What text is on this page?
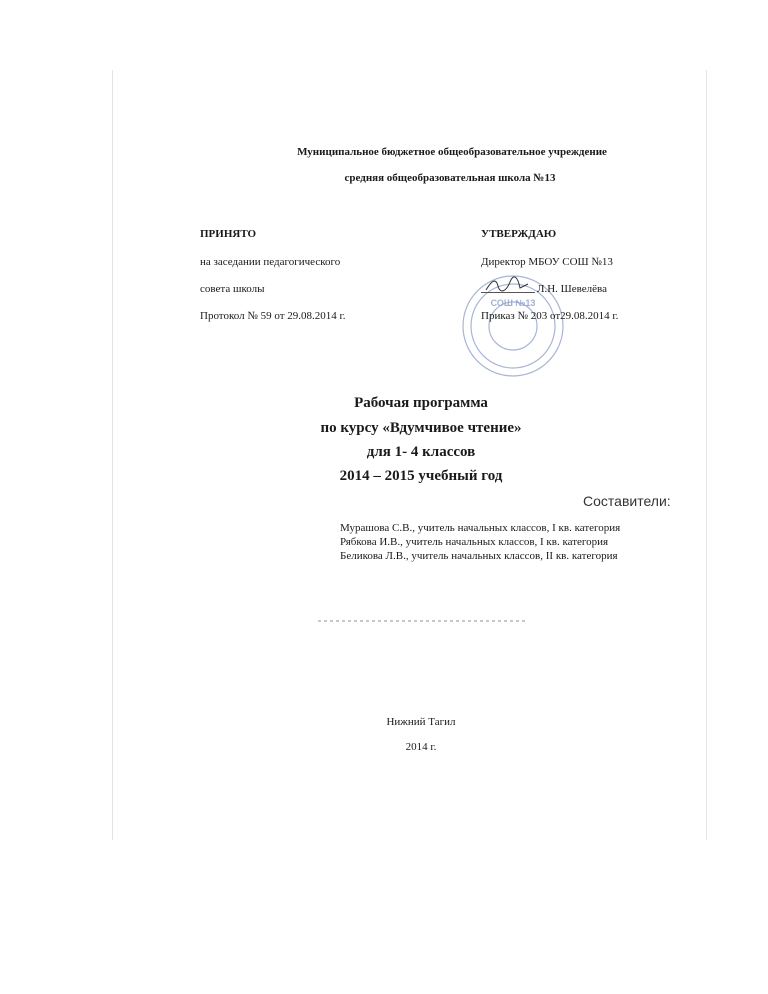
Муниципальное бюджетное общеобразовательное учреждение
средняя общеобразовательная школа №13
ПРИНЯТО
на заседании педагогического
совета школы
Протокол № 59 от 29.08.2014 г.
СОШ №13
УТВЕРЖДАЮ
Директор МБОУ СОШ №13
Л.Н. Шевелёва
Приказ № 203 от29.08.2014 г.
Рабочая программа
по курсу «Вдумчивое чтение»
для 1- 4 классов
2014 – 2015 учебный год
Составители:
Мурашова С.В., учитель начальных классов, I кв. категория
Рябкова И.В., учитель начальных классов, I кв. категория
Беликова Л.В., учитель начальных классов, II кв. категория
Нижний Тагил
2014 г.
